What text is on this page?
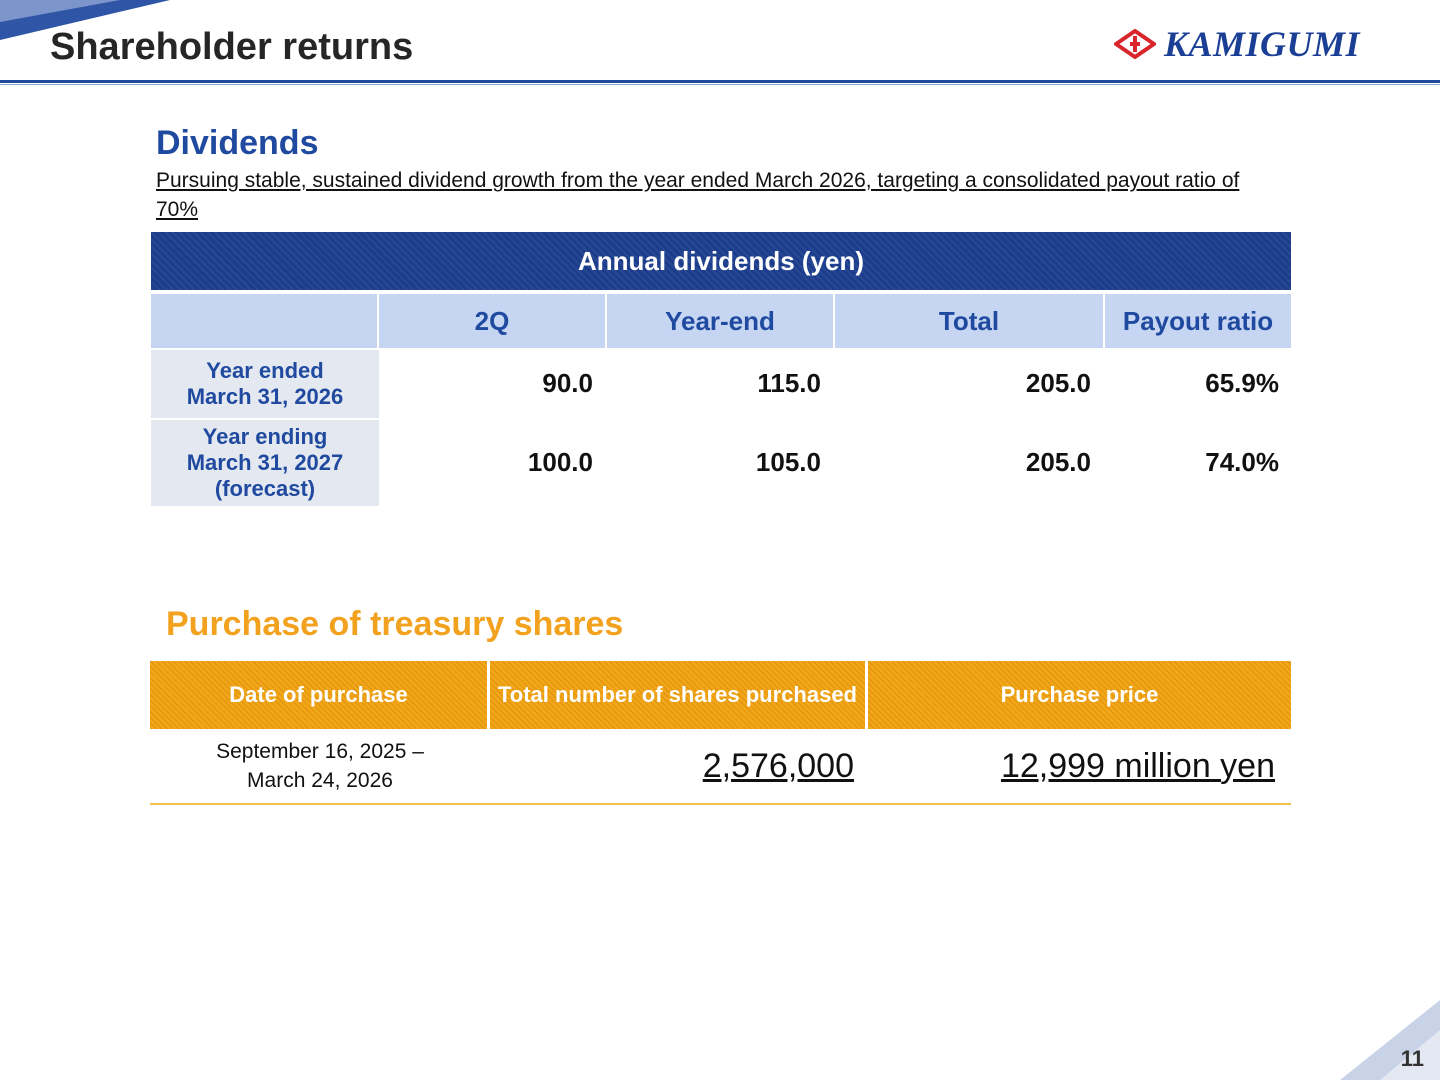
Shareholder returns	KAMIGUMI
Dividends
Pursuing stable, sustained dividend growth from the year ended March 2026, targeting a consolidated payout ratio of 70%
Annual dividends (yen)				

	2Q	Year-end	Total	Payout ratio

Year ended
March 31, 2026	90.0	115.0	205.0	65.9%

Year ending
March 31, 2027
(forecast)	100.0	105.0	205.0	74.0%
Purchase of treasury shares
Date of purchase	Total number of shares purchased	Purchase price

September 16, 2025 –
March 24, 2026	2,576,000	12,999 million yen
11
